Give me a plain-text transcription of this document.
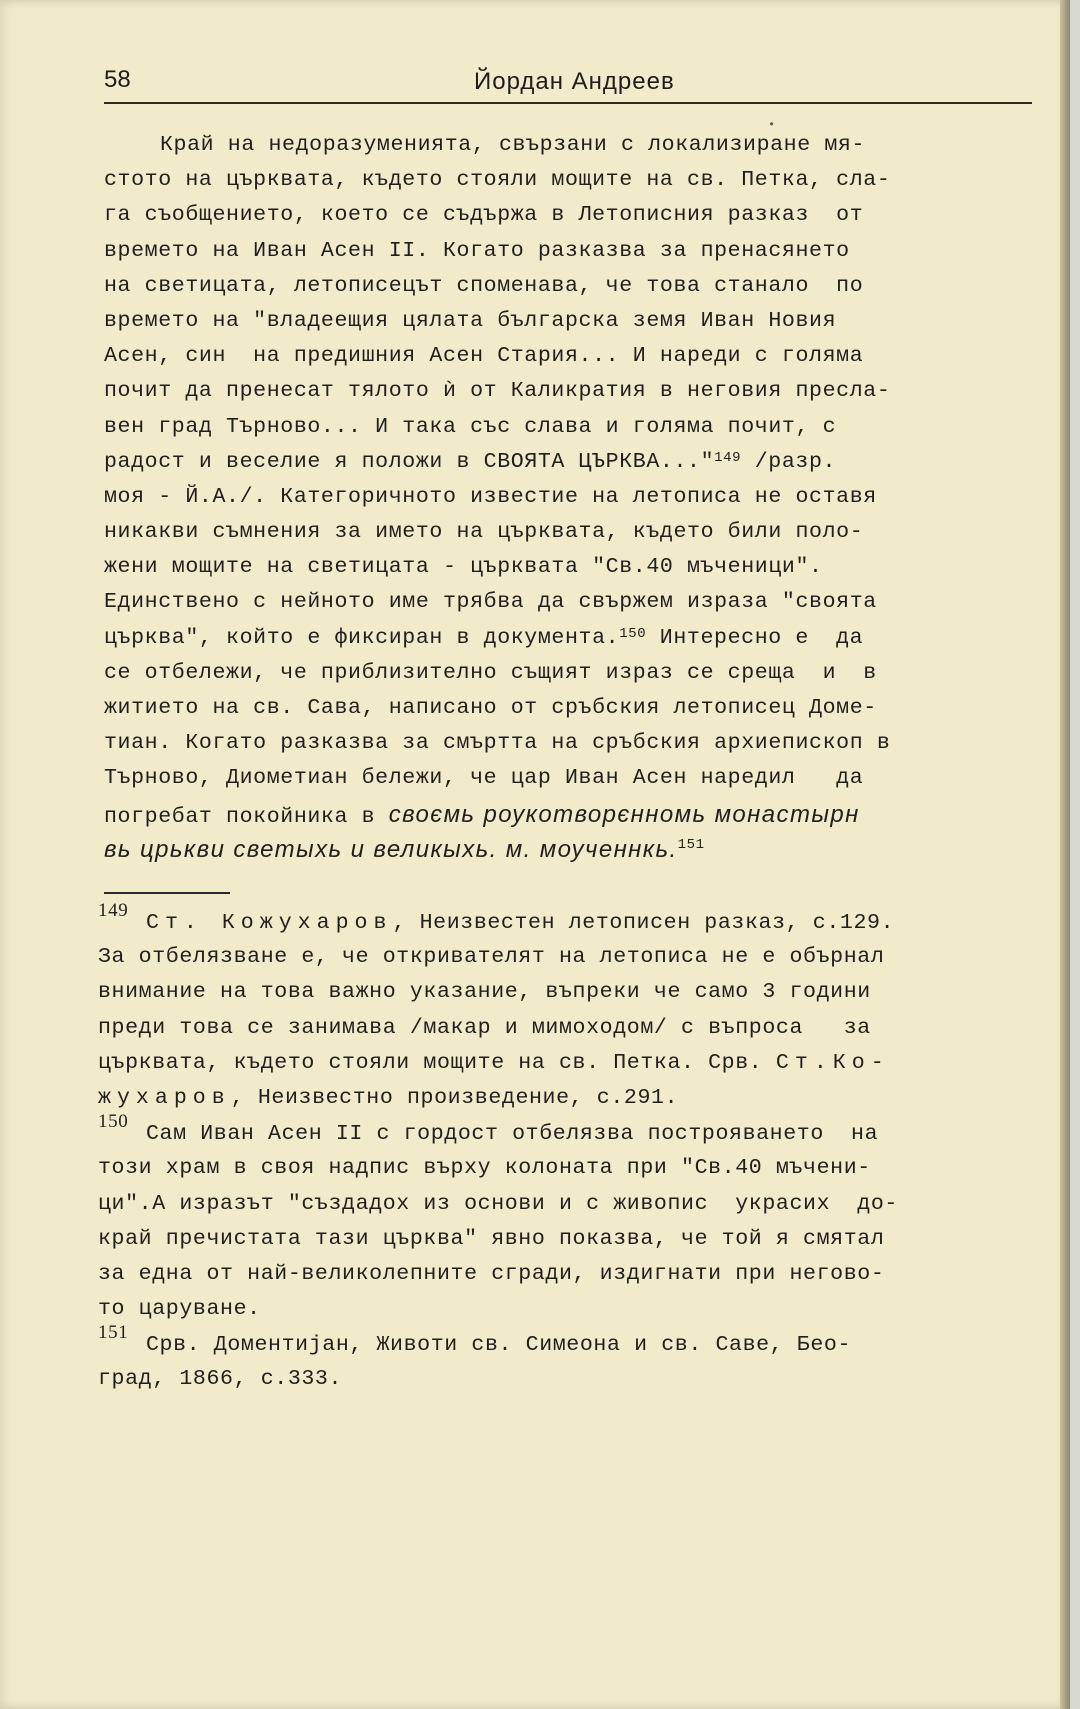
58	Йордан Андреев
Край на недоразуменията, свързани с локализиране мя-
стото на църквата, където стояли мощите на св. Петка, сла-
га съобщението, което се съдържа в Летописния разказ  от
времето на Иван Асен II. Когато разказва за пренасянето
на светицата, летописецът споменава, че това станало  по
времето на "владеещия цялата българска земя Иван Новия
Асен, син  на предишния Асен Стария... И нареди с голяма
почит да пренесат тялото ѝ от Каликратия в неговия пресла-
вен град Търново... И така със слава и голяма почит, с
радост и веселие я положи в СВОЯТА ЦЪРКВА..."$^{149}$ /разр.
моя - Й.А./. Категоричното известие на летописа не оставя
никакви съмнения за името на църквата, където били поло-
жени мощите на светицата - църквата "Св.40 мъченици".
Единствено с нейното име трябва да свържем израза "своята
църква", който е фиксиран в документа.$^{150}$ Интересно е  да
се отбележи, че приблизително същият израз се среща  и  в
житието на св. Сава, написано от сръбския летописец Доме-
тиан. Когато разказва за смъртта на сръбския архиепископ в
Търново, Диометиан бележи, че цар Иван Асен наредил   да
погребат покойника в своємь роукотворєнномь монастырн
вь црькви светыхь и великыхь. м. моученнкь.$^{151}$
149Ст. Кожухаров, Неизвестен летописен разказ, с.129.
За отбелязване е, че откривателят на летописа не е обърнал
внимание на това важно указание, въпреки че само 3 години
преди това се занимава /макар и мимоходом/ с въпроса   за
църквата, където стояли мощите на св. Петка. Срв. Ст.Ко-
жухаров, Неизвестно произведение, с.291.
150Сам Иван Асен II с гордост отбелязва построяването  на
този храм в своя надпис върху колоната при "Св.40 мъчени-
ци".А изразът "създадох из основи и с живопис  украсих  до-
край пречистата тази църква" явно показва, че той я смятал
за една от най-великолепните сгради, издигнати при негово-
то царуване.
151Срв. Доментијан, Животи св. Симеона и св. Саве, Бео-
град, 1866, с.333.
•
